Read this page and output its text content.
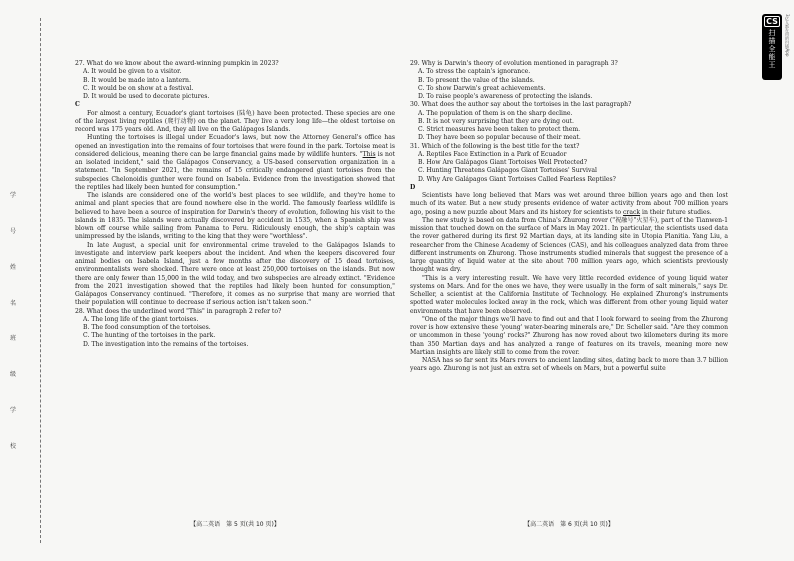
学
号
姓
名
班
级
学
校

27. What do we know about the award-winning pumpkin in 2023?

A. It would be given to a visitor.

B. It would be made into a lantern.

C. It would be on show at a festival.

D. It would be used to decorate pictures.

C

For almost a century, Ecuador's giant tortoises (陆龟) have been protected. These species are one of the largest living reptiles (爬行动物) on the planet. They live a very long life—the oldest tortoise on record was 175 years old. And, they all live on the Galápagos Islands.

Hunting the tortoises is illegal under Ecuador's laws, but now the Attorney General's office has opened an investigation into the remains of four tortoises that were found in the park. Tortoise meat is considered delicious, meaning there can be large financial gains made by wildlife hunters. "This is not an isolated incident," said the Galápagos Conservancy, a US-based conservation organization in a statement. "In September 2021, the remains of 15 critically endangered giant tortoises from the subspecies Chelonoidis gunther were found on Isabela. Evidence from the investigation showed that the reptiles had likely been hunted for consumption."

The islands are considered one of the world's best places to see wildlife, and they're home to animal and plant species that are found nowhere else in the world. The famously fearless wildlife is believed to have been a source of inspiration for Darwin's theory of evolution, following his visit to the islands in 1835. The islands were actually discovered by accident in 1535, when a Spanish ship was blown off course while sailing from Panama to Peru. Ridiculously enough, the ship's captain was unimpressed by the islands, writing to the king that they were "worthless".

In late August, a special unit for environmental crime traveled to the Galápagos Islands to investigate and interview park keepers about the incident. And when the keepers discovered four animal bodies on Isabela Island, just a few months after the discovery of 15 dead tortoises, environmentalists were shocked. There were once at least 250,000 tortoises on the islands. But now there are only fewer than 15,000 in the wild today, and two subspecies are already extinct. "Evidence from the 2021 investigation showed that the reptiles had likely been hunted for consumption," Galápagos Conservancy continued. "Therefore, it comes as no surprise that many are worried that their population will continue to decrease if serious action isn't taken soon."

28. What does the underlined word "This" in paragraph 2 refer to?

A. The long life of the giant tortoises.

B. The food consumption of the tortoises.

C. The hunting of the tortoises in the park.

D. The investigation into the remains of the tortoises.

【高二英语　第 5 页(共 10 页)】

29. Why is Darwin's theory of evolution mentioned in paragraph 3?

A. To stress the captain's ignorance.

B. To present the value of the islands.

C. To show Darwin's great achievements.

D. To raise people's awareness of protecting the islands.

30. What does the author say about the tortoises in the last paragraph?

A. The population of them is on the sharp decline.

B. It is not very surprising that they are dying out.

C. Strict measures have been taken to protect them.

D. They have been so popular because of their meat.

31. Which of the following is the best title for the text?

A. Reptiles Face Extinction in a Park of Ecuador

B. How Are Galápagos Giant Tortoises Well Protected?

C. Hunting Threatens Galápagos Giant Tortoises' Survival

D. Why Are Galápagos Giant Tortoises Called Fearless Reptiles?

D

Scientists have long believed that Mars was wet around three billion years ago and then lost much of its water. But a new study presents evidence of water activity from about 700 million years ago, posing a new puzzle about Mars and its history for scientists to crack in their future studies.

The new study is based on data from China's Zhurong rover ("祝融号"火星车), part of the Tianwen-1 mission that touched down on the surface of Mars in May 2021. In particular, the scientists used data the rover gathered during its first 92 Martian days, at its landing site in Utopia Planitia. Yang Liu, a researcher from the Chinese Academy of Sciences (CAS), and his colleagues analyzed data from three different instruments on Zhurong. Those instruments studied minerals that suggest the presence of a large quantity of liquid water at the site about 700 million years ago, which scientists previously thought was dry.

"This is a very interesting result. We have very little recorded evidence of young liquid water systems on Mars. And for the ones we have, they were usually in the form of salt minerals," says Dr. Scheller, a scientist at the California Institute of Technology. He explained Zhurong's instruments spotted water molecules locked away in the rock, which was different from other young liquid water environments that have been observed.

"One of the major things we'll have to find out and that I look forward to seeing from the Zhurong rover is how extensive these 'young' water-bearing minerals are," Dr. Scheller said. "Are they common or uncommon in these 'young' rocks?" Zhurong has now roved about two kilometers during its more than 350 Martian days and has analyzed a range of features on its travels, meaning more new Martian insights are likely still to come from the rover.

NASA has so far sent its Mars rovers to ancient landing sites, dating back to more than 3.7 billion years ago. Zhurong is not just an extra set of wheels on Mars, but a powerful suite

【高二英语　第 6 页(共 10 页)】
CS
扫描全能王 3亿人都在用的扫描App
